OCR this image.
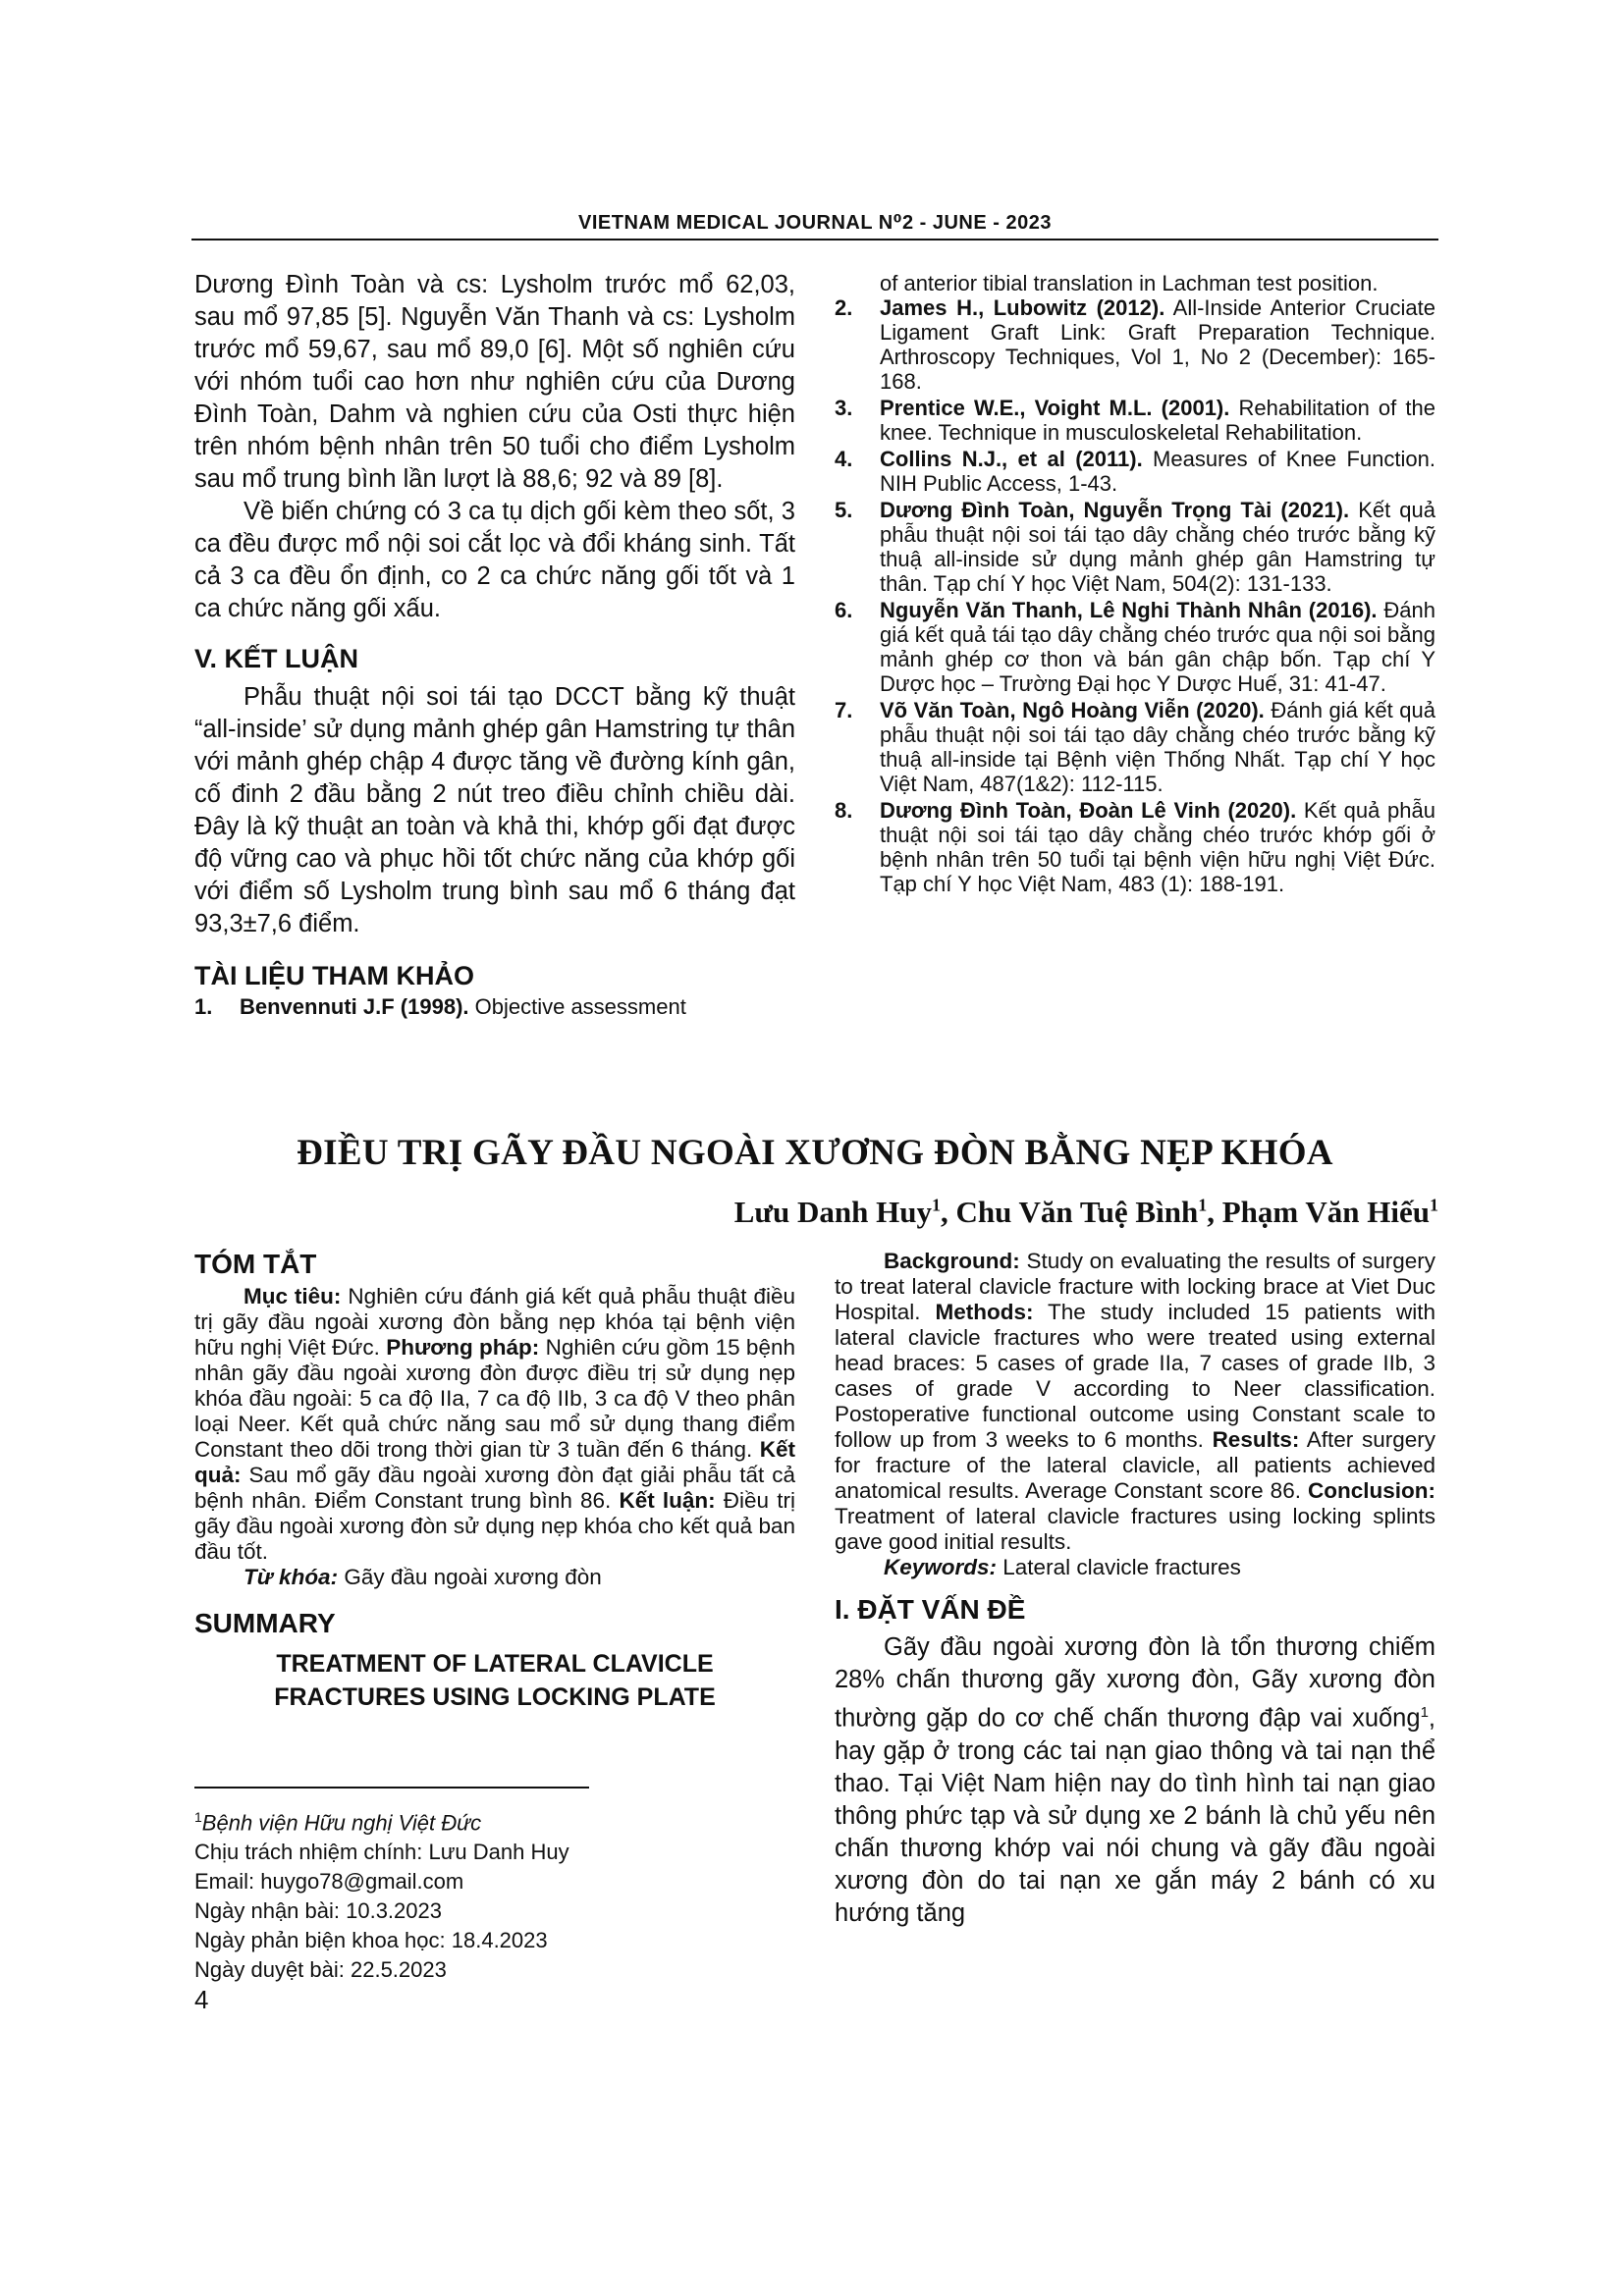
VIETNAM MEDICAL JOURNAL N⁰2 - JUNE - 2023

Dương Đình Toàn và cs: Lysholm trước mổ 62,03, sau mổ 97,85 [5]. Nguyễn Văn Thanh và cs: Lysholm trước mổ 59,67, sau mổ 89,0 [6]. Một số nghiên cứu với nhóm tuổi cao hơn như nghiên cứu của Dương Đình Toàn, Dahm và nghien cứu của Osti thực hiện trên nhóm bệnh nhân trên 50 tuổi cho điểm Lysholm sau mổ trung bình lần lượt là 88,6; 92 và 89 [8].

Về biến chứng có 3 ca tụ dịch gối kèm theo sốt, 3 ca đều được mổ nội soi cắt lọc và đổi kháng sinh. Tất cả 3 ca đều ổn định, co 2 ca chức năng gối tốt và 1 ca chức năng gối xấu.

V. KẾT LUẬN

Phẫu thuật nội soi tái tạo DCCT bằng kỹ thuật “all-inside’ sử dụng mảnh ghép gân Hamstring tự thân với mảnh ghép chập 4 được tăng về đường kính gân, cố đinh 2 đầu bằng 2 nút treo điều chỉnh chiều dài. Đây là kỹ thuật an toàn và khả thi, khớp gối đạt được độ vững cao và phục hồi tốt chức năng của khớp gối với điểm số Lysholm trung bình sau mổ 6 tháng đạt 93,3±7,6 điểm.

TÀI LIỆU THAM KHẢO
1.	Benvennuti J.F (1998). Objective assessment
of anterior tibial translation in Lachman test position.
2.	James H., Lubowitz (2012). All-Inside Anterior Cruciate Ligament Graft Link: Graft Preparation Technique. Arthroscopy Techniques, Vol 1, No 2 (December): 165-168.
3.	Prentice W.E., Voight M.L. (2001). Rehabilitation of the knee. Technique in musculoskeletal Rehabilitation.
4.	Collins N.J., et al (2011). Measures of Knee Function. NIH Public Access, 1-43.
5.	Dương Đình Toàn, Nguyễn Trọng Tài (2021). Kết quả phẫu thuật nội soi tái tạo dây chằng chéo trước bằng kỹ thuậ all-inside sử dụng mảnh ghép gân Hamstring tự thân. Tạp chí Y học Việt Nam, 504(2): 131-133.
6.	Nguyễn Văn Thanh, Lê Nghi Thành Nhân (2016). Đánh giá kết quả tái tạo dây chằng chéo trước qua nội soi bằng mảnh ghép cơ thon và bán gân chập bốn. Tạp chí Y Dược học – Trường Đại học Y Dược Huế, 31: 41-47.
7.	Võ Văn Toàn, Ngô Hoàng Viễn (2020). Đánh giá kết quả phẫu thuật nội soi tái tạo dây chằng chéo trước bằng kỹ thuậ all-inside tại Bệnh viện Thống Nhất. Tạp chí Y học Việt Nam, 487(1&2): 112-115.
8.	Dương Đình Toàn, Đoàn Lê Vinh (2020). Kết quả phẫu thuật nội soi tái tạo dây chằng chéo trước khớp gối ở bệnh nhân trên 50 tuổi tại bệnh viện hữu nghị Việt Đức. Tạp chí Y học Việt Nam, 483 (1): 188-191.
ĐIỀU TRỊ GÃY ĐẦU NGOÀI XƯƠNG ĐÒN BẰNG NẸP KHÓA
Lưu Danh Huy$^1$, Chu Văn Tuệ Bình$^1$, Phạm Văn Hiếu$^1$
TÓM TẮT

Mục tiêu: Nghiên cứu đánh giá kết quả phẫu thuật điều trị gãy đầu ngoài xương đòn bằng nẹp khóa tại bệnh viện hữu nghị Việt Đức. Phương pháp: Nghiên cứu gồm 15 bệnh nhân gãy đầu ngoài xương đòn được điều trị sử dụng nẹp khóa đầu ngoài: 5 ca độ IIa, 7 ca độ IIb, 3 ca độ V theo phân loại Neer. Kết quả chức năng sau mổ sử dụng thang điểm Constant theo dõi trong thời gian từ 3 tuần đến 6 tháng. Kết quả: Sau mổ gãy đầu ngoài xương đòn đạt giải phẫu tất cả bệnh nhân. Điểm Constant trung bình 86. Kết luận: Điều trị gãy đầu ngoài xương đòn sử dụng nẹp khóa cho kết quả ban đầu tốt.

Từ khóa: Gãy đầu ngoài xương đòn
SUMMARY
TREATMENT OF LATERAL CLAVICLE
FRACTURES USING LOCKING PLATE
$^1$Bệnh viện Hữu nghị Việt Đức
Chịu trách nhiệm chính: Lưu Danh Huy
Email: huygo78@gmail.com
Ngày nhận bài: 10.3.2023
Ngày phản biện khoa học: 18.4.2023
Ngày duyệt bài: 22.5.2023

Background: Study on evaluating the results of surgery to treat lateral clavicle fracture with locking brace at Viet Duc Hospital. Methods: The study included 15 patients with lateral clavicle fractures who were treated using external head braces: 5 cases of grade IIa, 7 cases of grade IIb, 3 cases of grade V according to Neer classification. Postoperative functional outcome using Constant scale to follow up from 3 weeks to 6 months. Results: After surgery for fracture of the lateral clavicle, all patients achieved anatomical results. Average Constant score 86. Conclusion: Treatment of lateral clavicle fractures using locking splints gave good initial results.

Keywords: Lateral clavicle fractures
I. ĐẶT VẤN ĐỀ

Gãy đầu ngoài xương đòn là tổn thương chiếm 28% chấn thương gãy xương đòn, Gãy xương đòn thường gặp do cơ chế chấn thương đập vai xuống$^1$, hay gặp ở trong các tai nạn giao thông và tai nạn thể thao. Tại Việt Nam hiện nay do tình hình tai nạn giao thông phức tạp và sử dụng xe 2 bánh là chủ yếu nên chấn thương khớp vai nói chung và gãy đầu ngoài xương đòn do tai nạn xe gắn máy 2 bánh có xu hướng tăng

4
